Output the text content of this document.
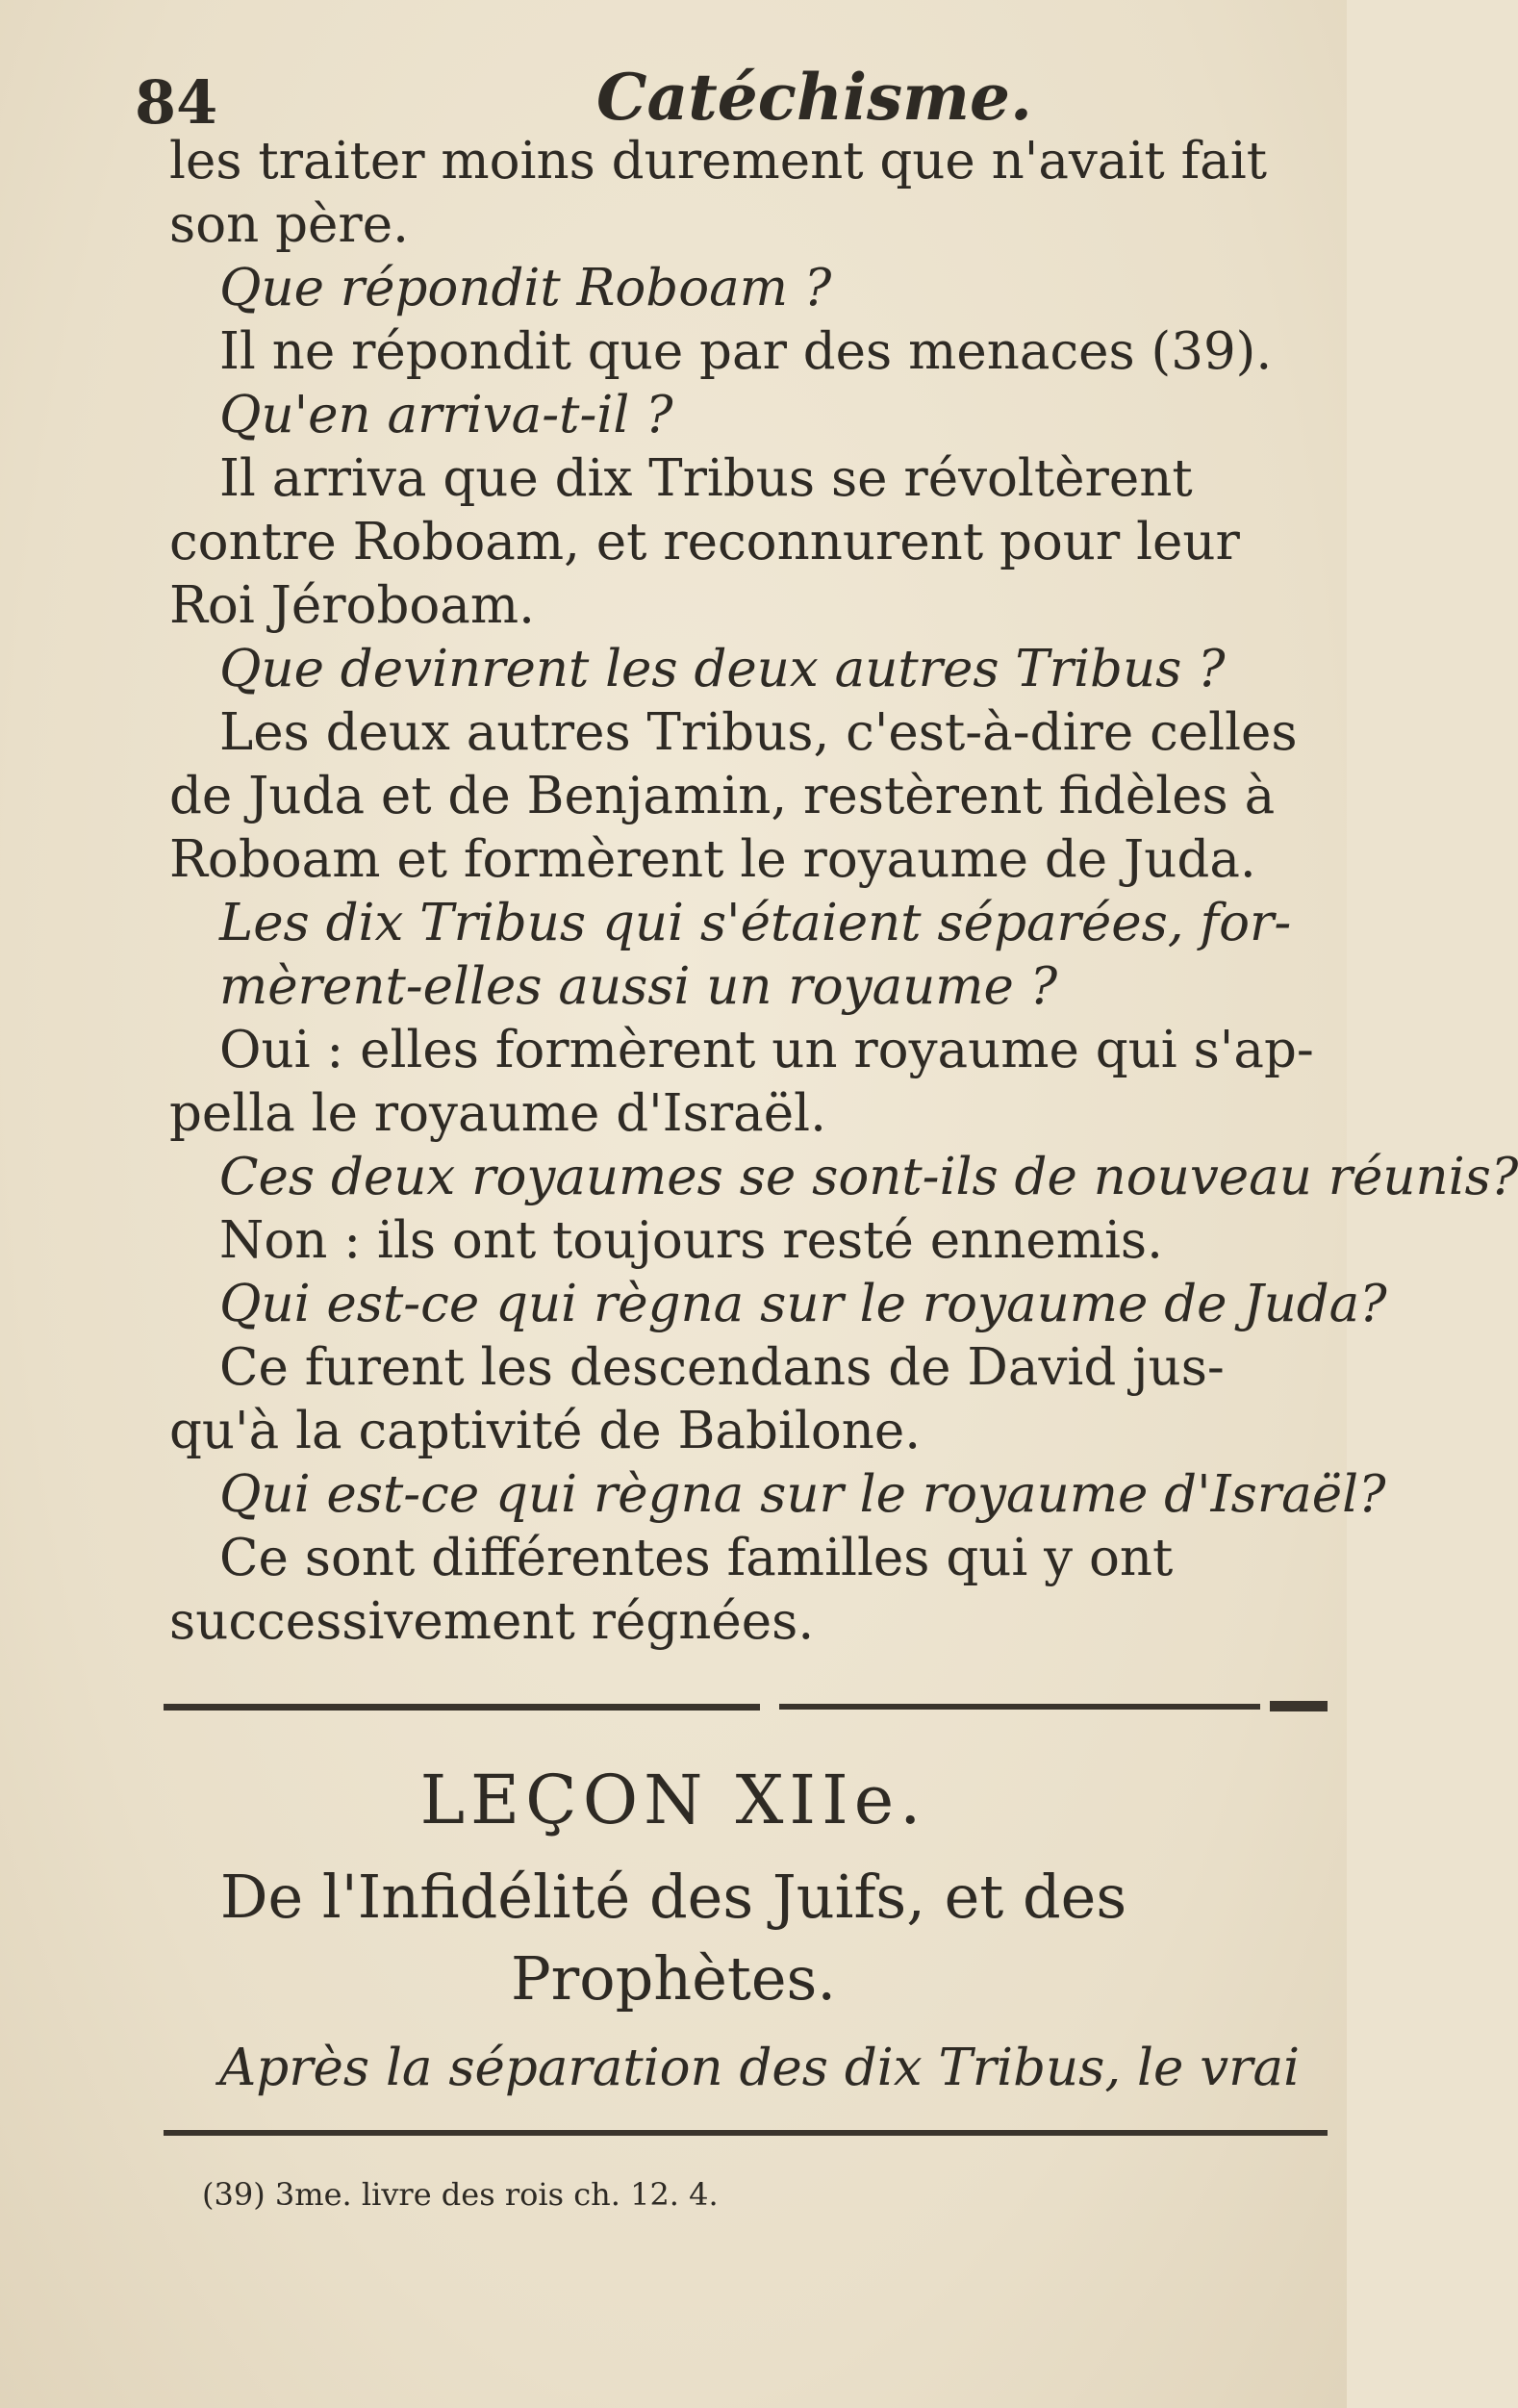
84	Catéchisme.
les traiter moins durement que n'avait fait
son père.
Que répondit Roboam ?
Il ne répondit que par des menaces (39).
Qu'en arriva-t-il ?
Il arriva que dix Tribus se révoltèrent
contre Roboam, et reconnurent pour leur
Roi Jéroboam.
Que devinrent les deux autres Tribus ?
Les deux autres Tribus, c'est-à-dire celles
de Juda et de Benjamin, restèrent fidèles à
Roboam et formèrent le royaume de Juda.
Les dix Tribus qui s'étaient séparées, for-
mèrent-elles aussi un royaume ?
Oui : elles formèrent un royaume qui s'ap-
pella le royaume d'Israël.
Ces deux royaumes se sont-ils de nouveau réunis?
Non : ils ont toujours resté ennemis.
Qui est-ce qui règna sur le royaume de Juda?
Ce furent les descendans de David jus-
qu'à la captivité de Babilone.
Qui est-ce qui règna sur le royaume d'Israël?
Ce sont différentes familles qui y ont
successivement régnées.
LEÇON XIIe.
De l'Infidélité des Juifs, et des
Prophètes.
Après la séparation des dix Tribus, le vrai
(39) 3me. livre des rois ch. 12. 4.
